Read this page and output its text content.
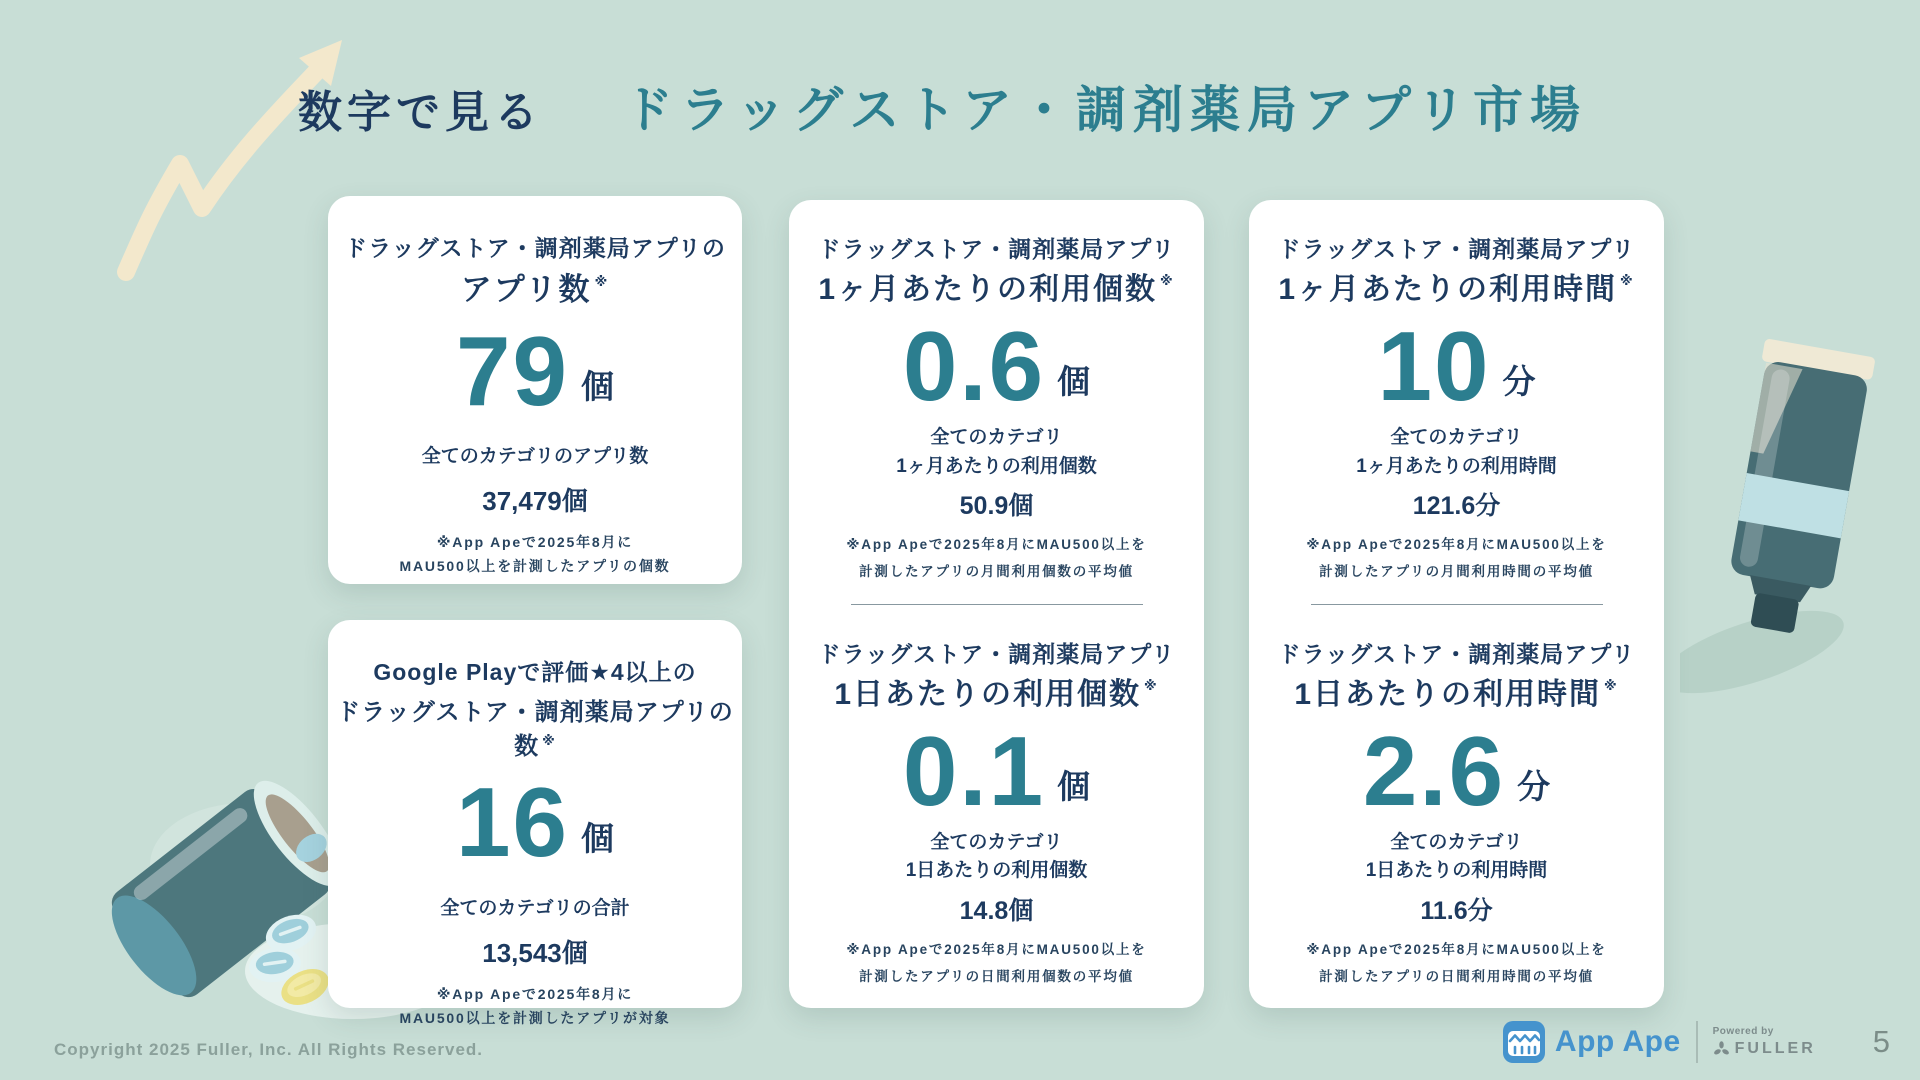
数字で見る ドラッグストア・調剤薬局アプリ市場
ドラッグストア・調剤薬局アプリの
アプリ数 ※
79 個
全てのカテゴリのアプリ数
37,479個
※App Apeで2025年8月に
MAU500以上を計測したアプリの個数
Google Playで評価★4以上の
ドラッグストア・調剤薬局アプリの数 ※
16 個
全てのカテゴリの合計
13,543個
※App Apeで2025年8月に
MAU500以上を計測したアプリが対象
ドラッグストア・調剤薬局アプリ
1ヶ月あたりの利用個数 ※
0.6 個
全てのカテゴリ
1ヶ月あたりの利用個数
50.9個
※App Apeで2025年8月にMAU500以上を
計測したアプリの月間利用個数の平均値
ドラッグストア・調剤薬局アプリ
1日あたりの利用個数 ※
0.1 個
全てのカテゴリ
1日あたりの利用個数
14.8個
※App Apeで2025年8月にMAU500以上を
計測したアプリの日間利用個数の平均値
ドラッグストア・調剤薬局アプリ
1ヶ月あたりの利用時間 ※
10 分
全てのカテゴリ
1ヶ月あたりの利用時間
121.6分
※App Apeで2025年8月にMAU500以上を
計測したアプリの月間利用時間の平均値
ドラッグストア・調剤薬局アプリ
1日あたりの利用時間 ※
2.6 分
全てのカテゴリ
1日あたりの利用時間
11.6分
※App Apeで2025年8月にMAU500以上を
計測したアプリの日間利用時間の平均値
Copyright 2025 Fuller, Inc. All Rights Reserved.	App Ape	Powered by
FULLER 5
